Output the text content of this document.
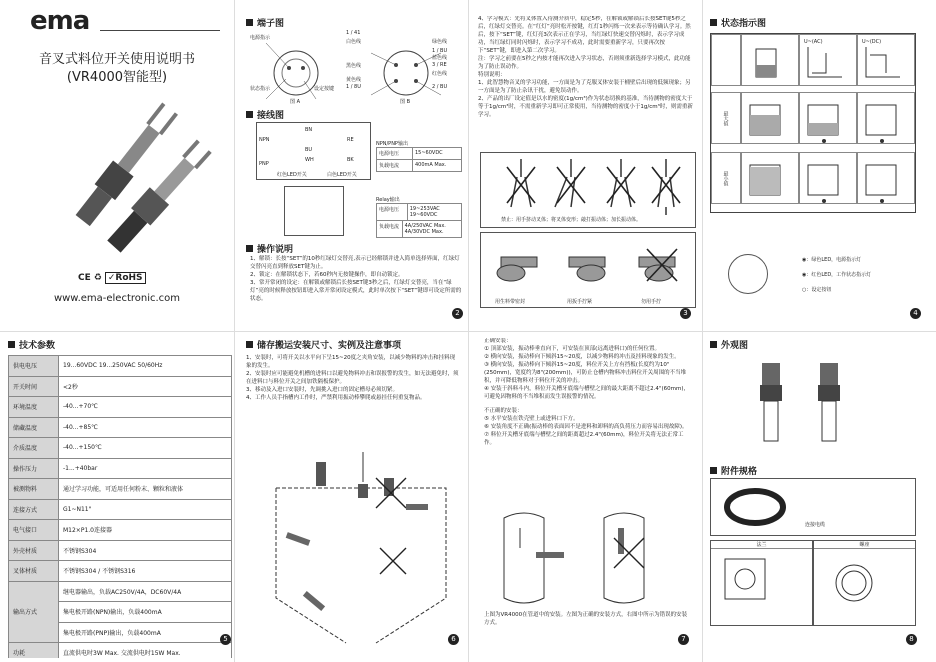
ema
音叉式料位开关使用说明书
(VR4000智能型)
CE ♻ ✓RoHS
www.ema-electronic.com
端子图
电源指示
状态指示	设定按键
1 / 41
白色线	绿色线
黄色线
1 / 8U	2 / BU
3 / RE
红色线
1 / BU
蓝色线
黑色线
图 A	图 B
接线图
BN
BU
WH
NPN
PNP
RE
BK
红色LED开关	白色LED开关
NPN/PNP输出
电源电压	15~60VDC
负载电流	400mA Max.
Relay输出
电源电压	19~253VAC 19~60VDC
负载电流	4A/250VAC Max. 4A/30VDC Max.
操作说明

1、解锁：长按“SET”的10秒红绿灯交替亮,表示已经解锁并进入简单选择界面，红绿灯交替闪亮直到释放SET键为止。

2、锁定：在解锁状态下，若60秒内无按键操作，即自动锁定。

3、常开常闭的设定：在解锁或解锁后长按SET键3秒之后，红绿灯交替亮，当在“绿灯”亮的时候释放按钮即进入常开常闭设定模式，此时单次按下“SET”键即可设定所需的状态。

2

4、学习模式：先将叉体置入待测介质中，稳定5秒，在解锁或解锁后长按SET键5秒之后，红绿灯交替亮。在“红灯”亮时松开按键，红灯1秒闪烁一次来表示等待确认学习。然后，按下“SET”键，红灯亮3次表示正在学习，当红绿灯快速交替闪烁时，表示学习成功，当红绿灯同时闪烁时，表示学习不成功，此时需要重新学习，只要再次按下“SET”键，即进入第二次学习。

注：学习之前要在5秒之内按才能再次进入学习状态，否则须重新选择学习模式，此功能为了防止误动作。

特别说明：

1、此智慧物音叉的学习功能，一方面是为了克服叉体安装于桶壁后出现的低频现象；另一方面是为了防止杂讯干扰，避免误动作。

2、产品的出厂设定值是以水的密度(1g/cm³)作为状态切换的基准，当待测物的密度大于等于1g/cm³时，不需重新学习即可正常使用，当待测物的密度小于1g/cm³时，则需重新学习。

禁止：用手挤动叉体；将叉体变形；敲打振动体；加长振动体。
用生料带密封	用扳手拧紧	勿用手拧
3
状态指示图
U~(AC)	U~(DC)
最大值
最小值
◉：绿色LED，电源指示灯
◉：红色LED，工作状态指示灯
○：设定按钮
4
技术参数
供电电压	19...60VDC 19...250VAC 50/60Hz
开关时间	<2秒
环境温度	-40...+70℃
储藏温度	-40...+85℃
介质温度	-40...+150℃
操作压力	-1...+40bar
被测物料	通过学习功能，可适用任何粉末、颗粒和液体
连接方式	G1~N11"
电气接口	M12×P1.0连接器
外壳材质	不锈钢S304
叉体材质	不锈钢S304 / 不锈钢S316
输出方式	继电器输出，负载AC250V/4A，DC60V/4A
	集电极开路(NPN)输出，负载400mA
	集电极开路(PNP)输出，负载400mA
功耗	直流供电时3W Max. 交流供电时15W Max.
5
储存搬运安装尺寸、实例及注意事项

1、安装时，可将开关以水平向下呈15~20度之夹角安装，以减少物料的冲击和挂料现象的发生。

2、安装时应可能避免机槽的进料口以避免物料冲击和误报警的发生，如无法避免时，须在进料口与料位开关之间加铁隔板保护。

3、移动及入进口安装时，先调挑入进口的固定槽母必须切紧。

4、工作人员手指槽内工作时，严禁利用振动棒攀爬或悬挂任何重复物品。

6

正确安装：

① 顶部安装，振动棒垂直向下，可安装在顶部(远离进料口)的任何位置。

② 横向安装，振动棒向下倾斜15~20度，以减少物料的冲击及挂料现象的发生。

③ 横向安装，振动棒向下倾斜15~20度，料位开关上方有挡板(长度约为10"(250mm)，宽度约为8"(200mm))，可防止仓槽内物料冲击料位开关周围的不当堆积，并可降低物料对于料位开关的冲击。

④ 安装于斜料斗内，料位开关槽牙底端与槽壁之间的最大距离不超过2.4"(60mm)，可避免因物料的不当堆积而发生误报警的情况。

不正确的安装：

⑤ 水平安装在铁壳壁上或进料口下方。

⑥ 安装角度不正确(振动棒的表面因不是进料和卸料的高负荷压力而容易出现故障)。

⑦ 料位开关槽牙底端与槽壁之间的距离超过2.4"(60mm)，料位开关将无法正常工作。

上图为VR4000在管道中的安装。左图为正确的安装方式，右图中所示为错误的安装方式。
7
外观图
附件规格
连接电缆
法兰	螺座
8
